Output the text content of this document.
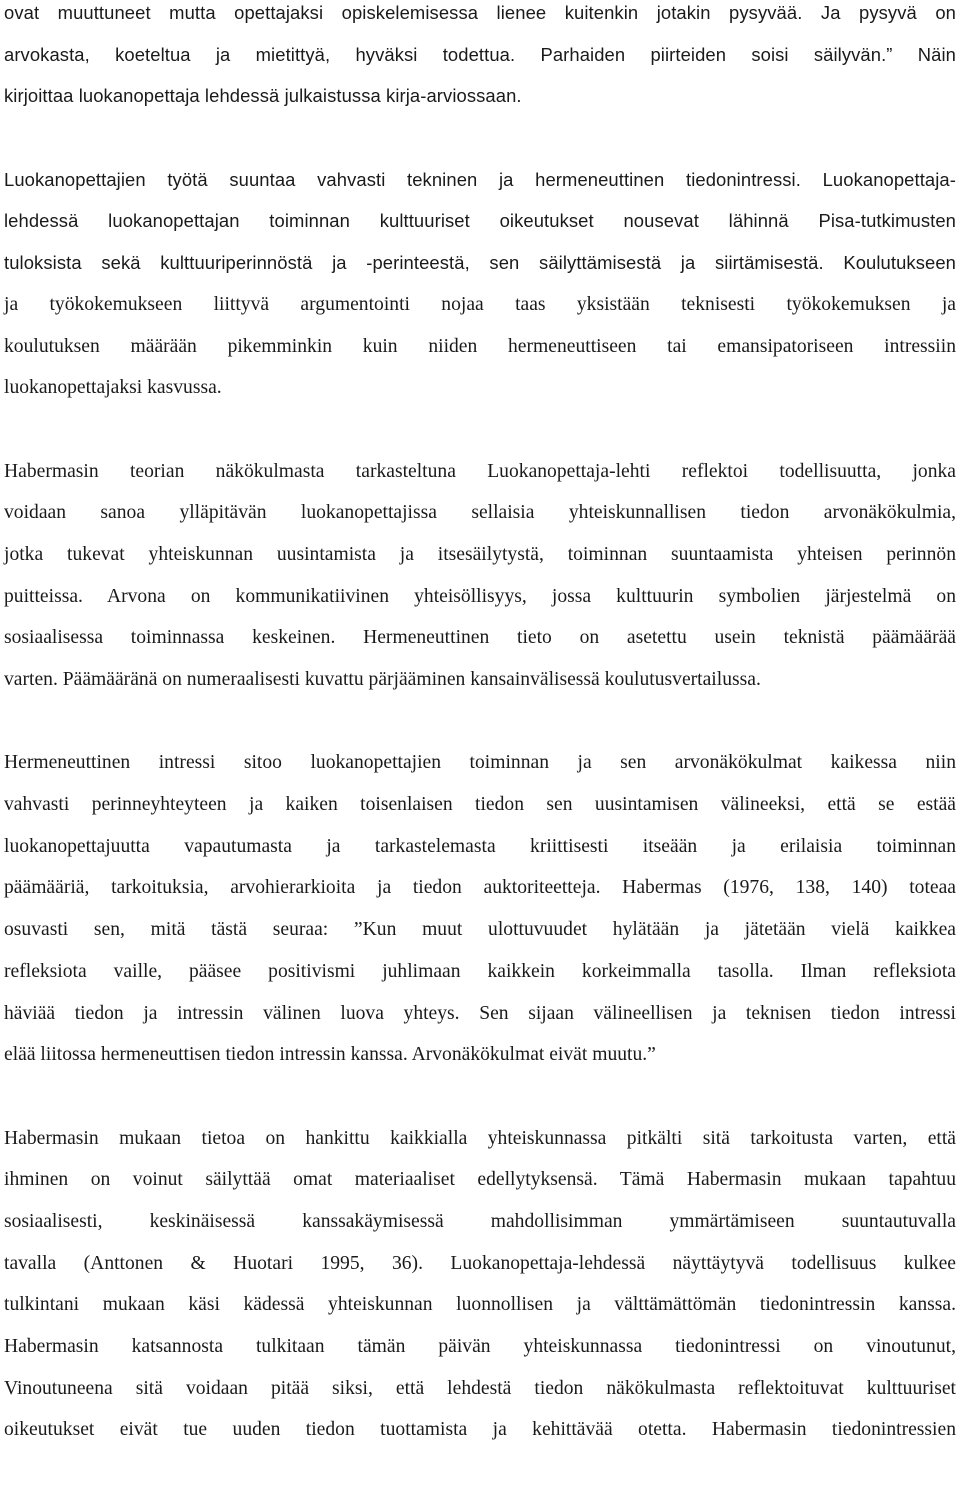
ovat muuttuneet mutta opettajaksi opiskelemisessa lienee kuitenkin jotakin pysyvää. Ja pysyvä on
arvokasta, koeteltua ja mietittyä, hyväksi todettua. Parhaiden piirteiden soisi säilyvän.” Näin
kirjoittaa luokanopettaja lehdessä julkaistussa kirja-arviossaan.
Luokanopettajien työtä suuntaa vahvasti tekninen ja hermeneuttinen tiedonintressi. Luokanopettaja-
lehdessä luokanopettajan toiminnan kulttuuriset oikeutukset nousevat lähinnä Pisa-tutkimusten
tuloksista sekä kulttuuriperinnöstä ja -perinteestä, sen säilyttämisestä ja siirtämisestä. Koulutukseen
ja työkokemukseen liittyvä argumentointi nojaa taas yksistään teknisesti työkokemuksen ja
koulutuksen määrään pikemminkin kuin niiden hermeneuttiseen tai emansipatoriseen intressiin
luokanopettajaksi kasvussa.
Habermasin teorian näkökulmasta tarkasteltuna Luokanopettaja-lehti reflektoi todellisuutta, jonka
voidaan sanoa ylläpitävän luokanopettajissa sellaisia yhteiskunnallisen tiedon arvonäkökulmia,
jotka tukevat yhteiskunnan uusintamista ja itsesäilytystä, toiminnan suuntaamista yhteisen perinnön
puitteissa. Arvona on kommunikatiivinen yhteisöllisyys, jossa kulttuurin symbolien järjestelmä on
sosiaalisessa toiminnassa keskeinen. Hermeneuttinen tieto on asetettu usein teknistä päämäärää
varten. Päämääränä on numeraalisesti kuvattu pärjääminen kansainvälisessä koulutusvertailussa.
Hermeneuttinen intressi sitoo luokanopettajien toiminnan ja sen arvonäkökulmat kaikessa niin
vahvasti perinneyhteyteen ja kaiken toisenlaisen tiedon sen uusintamisen välineeksi, että se estää
luokanopettajuutta vapautumasta ja tarkastelemasta kriittisesti itseään ja erilaisia toiminnan
päämääriä, tarkoituksia, arvohierarkioita ja tiedon auktoriteetteja. Habermas (1976, 138, 140) toteaa
osuvasti sen, mitä tästä seuraa: ”Kun muut ulottuvuudet hylätään ja jätetään vielä kaikkea
refleksiota vaille, pääsee positivismi juhlimaan kaikkein korkeimmalla tasolla. Ilman refleksiota
häviää tiedon ja intressin välinen luova yhteys. Sen sijaan välineellisen ja teknisen tiedon intressi
elää liitossa hermeneuttisen tiedon intressin kanssa. Arvonäkökulmat eivät muutu.”
Habermasin mukaan tietoa on hankittu kaikkialla yhteiskunnassa pitkälti sitä tarkoitusta varten, että
ihminen on voinut säilyttää omat materiaaliset edellytyksensä. Tämä Habermasin mukaan tapahtuu
sosiaalisesti, keskinäisessä kanssakäymisessä mahdollisimman ymmärtämiseen suuntautuvalla
tavalla (Anttonen & Huotari 1995, 36). Luokanopettaja-lehdessä näyttäytyvä todellisuus kulkee
tulkintani mukaan käsi kädessä yhteiskunnan luonnollisen ja välttämättömän tiedonintressin kanssa.
Habermasin katsannosta tulkitaan tämän päivän yhteiskunnassa tiedonintressi on vinoutunut,
Vinoutuneena sitä voidaan pitää siksi, että lehdestä tiedon näkökulmasta reflektoituvat kulttuuriset
oikeutukset eivät tue uuden tiedon tuottamista ja kehittävää otetta. Habermasin tiedonintressien
